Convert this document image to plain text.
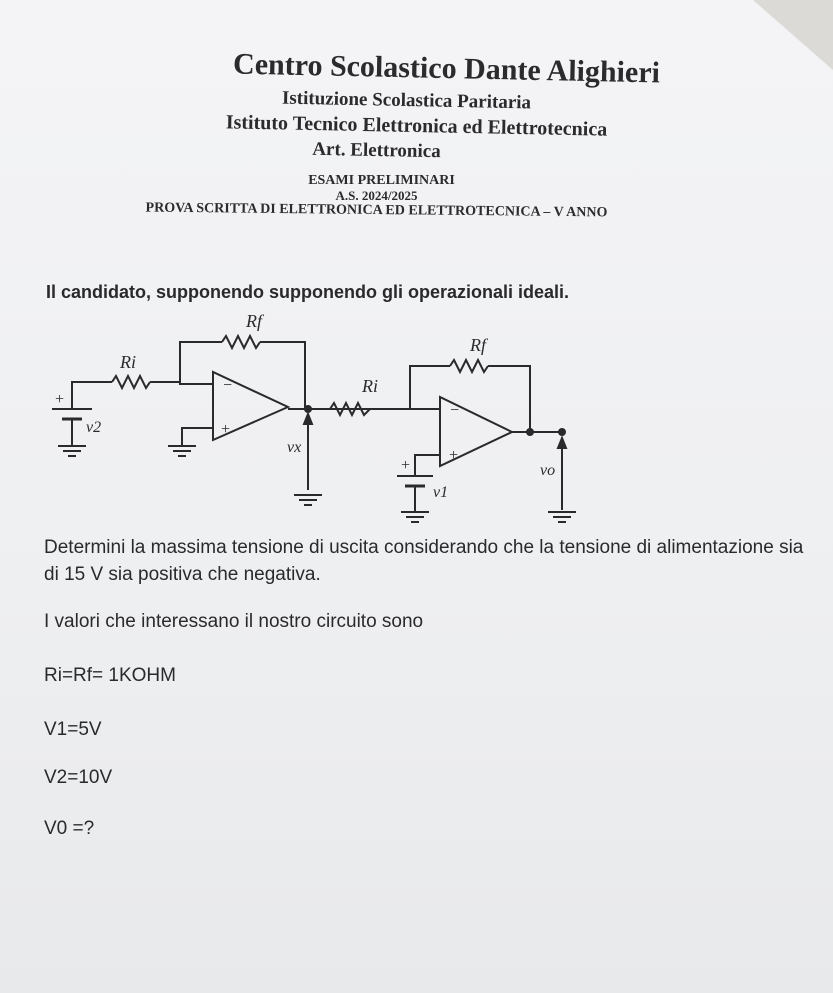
Centro Scolastico Dante Alighieri
Istituzione Scolastica Paritaria
Istituto Tecnico Elettronica ed Elettrotecnica
Art. Elettronica
ESAMI PRELIMINARI
A.S. 2024/2025
PROVA SCRITTA DI ELETTRONICA ED ELETTROTECNICA – V ANNO
Il candidato, supponendo supponendo gli operazionali ideali.
Rf
Ri
v2
vx
Rf
Ri
v1
vo
+
−
+
−
+
+
Determini la massima tensione di uscita considerando che la tensione di alimentazione sia di 15 V sia positiva che negativa.
I valori che interessano il nostro circuito sono
Ri=Rf= 1KOHM
V1=5V
V2=10V
V0 =?
